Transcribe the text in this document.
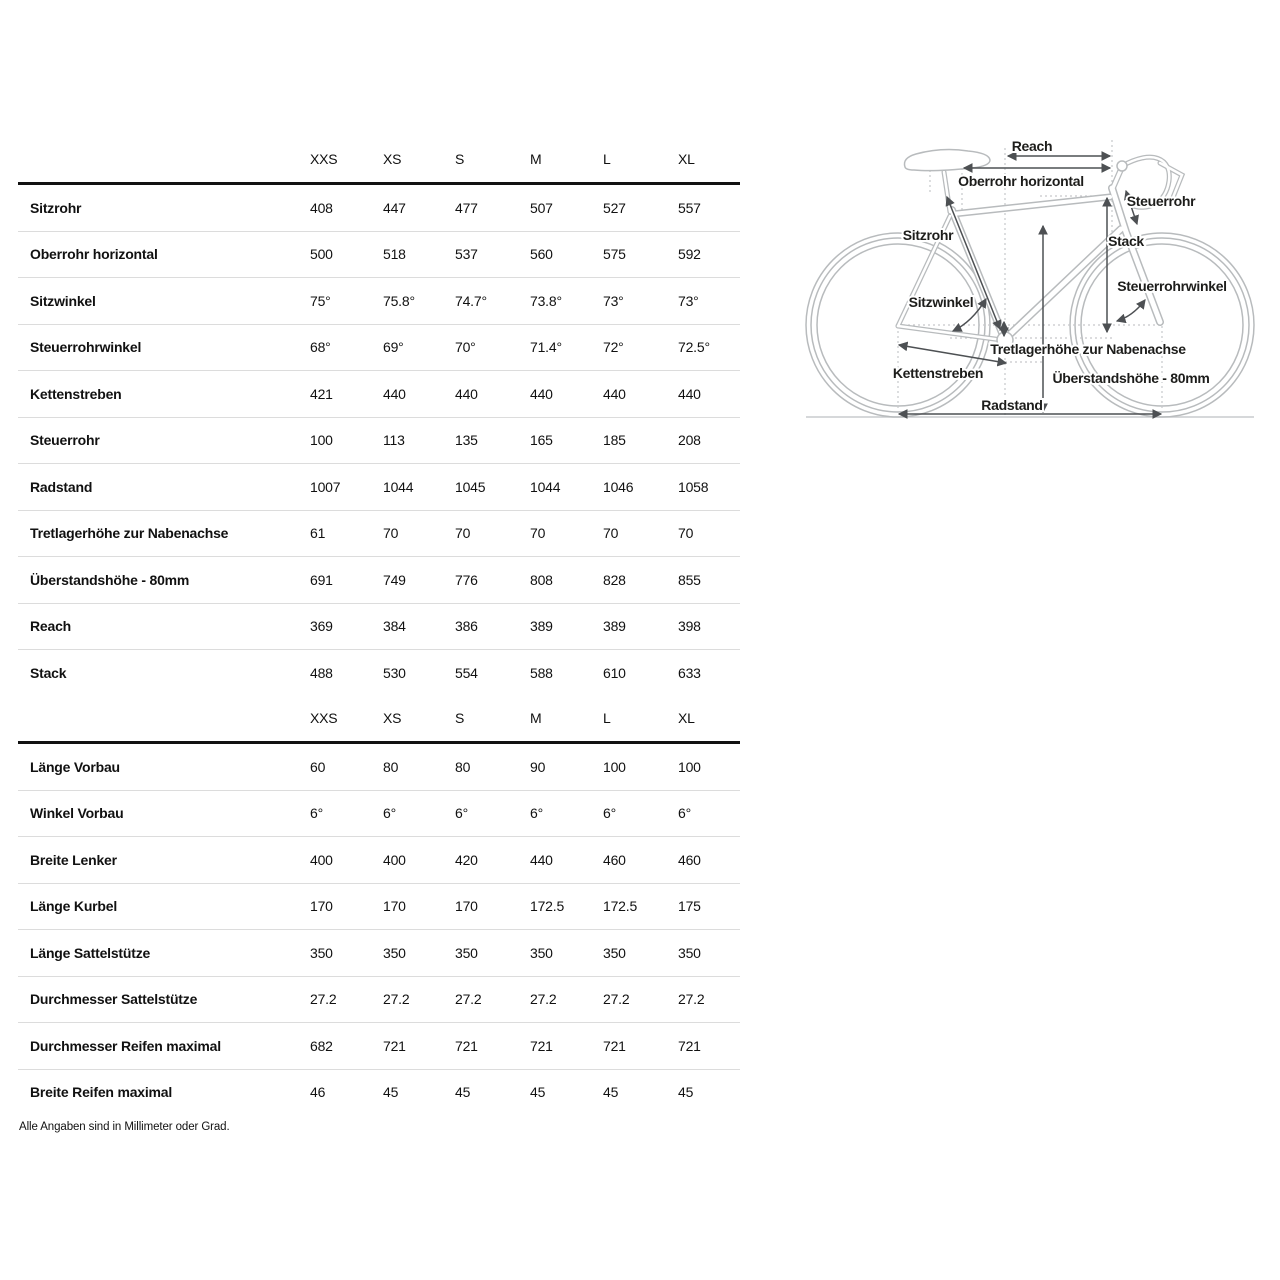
XXS	XS	S	M	L	XL
Sitzrohr	408	447	477	507	527	557
Oberrohr horizontal	500	518	537	560	575	592
Sitzwinkel	75°	75.8°	74.7°	73.8°	73°	73°
Steuerrohrwinkel	68°	69°	70°	71.4°	72°	72.5°
Kettenstreben	421	440	440	440	440	440
Steuerrohr	100	113	135	165	185	208
Radstand	1007	1044	1045	1044	1046	1058
Tretlagerhöhe zur Nabenachse	61	70	70	70	70	70
Überstandshöhe - 80mm	691	749	776	808	828	855
Reach	369	384	386	389	389	398
Stack	488	530	554	588	610	633
XXS	XS	S	M	L	XL
Länge Vorbau	60	80	80	90	100	100
Winkel Vorbau	6°	6°	6°	6°	6°	6°
Breite Lenker	400	400	420	440	460	460
Länge Kurbel	170	170	170	172.5	172.5	175
Länge Sattelstütze	350	350	350	350	350	350
Durchmesser Sattelstütze	27.2	27.2	27.2	27.2	27.2	27.2
Durchmesser Reifen maximal	682	721	721	721	721	721
Breite Reifen maximal	46	45	45	45	45	45
Alle Angaben sind in Millimeter oder Grad.
Reach
Oberrohr horizontal
Steuerrohr
Sitzrohr	Stack
Steuerrohrwinkel
Sitzwinkel
Tretlagerhöhe zur Nabenachse
Kettenstreben	Überstandshöhe - 80mm
Radstand
